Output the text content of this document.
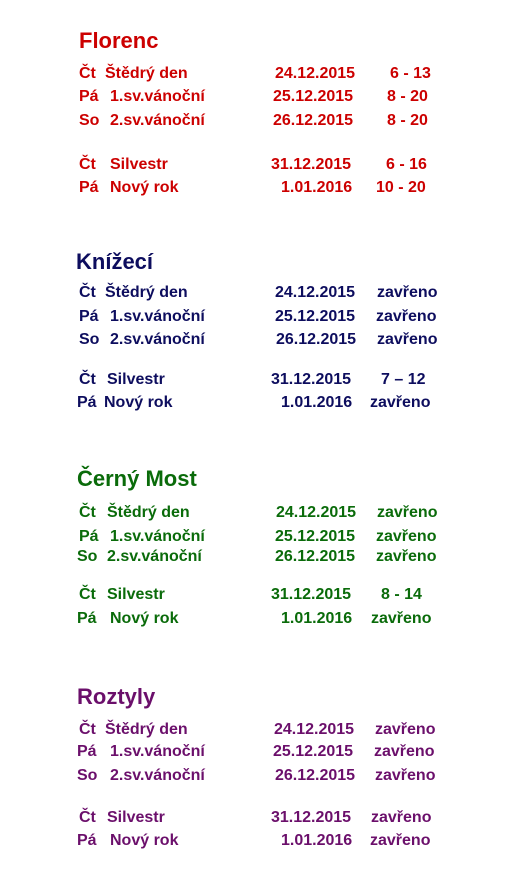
Florenc
Čt Štědrý den	24.12.2015 6 - 13
Pá 1.sv.vánoční	25.12.2015 8 - 20
So 2.sv.vánoční	26.12.2015 8 - 20
Čt Silvestr	31.12.2015 6 - 16
Pá Nový rok	1.01.2016 10 - 20
Knížecí
Čt Štědrý den	24.12.2015 zavřeno
Pá 1.sv.vánoční	25.12.2015 zavřeno
So 2.sv.vánoční	26.12.2015 zavřeno
Čt Silvestr	31.12.2015 7 – 12
Pá Nový rok	1.01.2016 zavřeno
Černý Most
Čt Štědrý den	24.12.2015 zavřeno
Pá 1.sv.vánoční	25.12.2015 zavřeno
So 2.sv.vánoční	26.12.2015 zavřeno
Čt Silvestr	31.12.2015 8 - 14
Pá Nový rok	1.01.2016 zavřeno
Roztyly
Čt Štědrý den	24.12.2015 zavřeno
Pá 1.sv.vánoční	25.12.2015 zavřeno
So 2.sv.vánoční	26.12.2015 zavřeno
Čt Silvestr	31.12.2015 zavřeno
Pá Nový rok	1.01.2016 zavřeno
